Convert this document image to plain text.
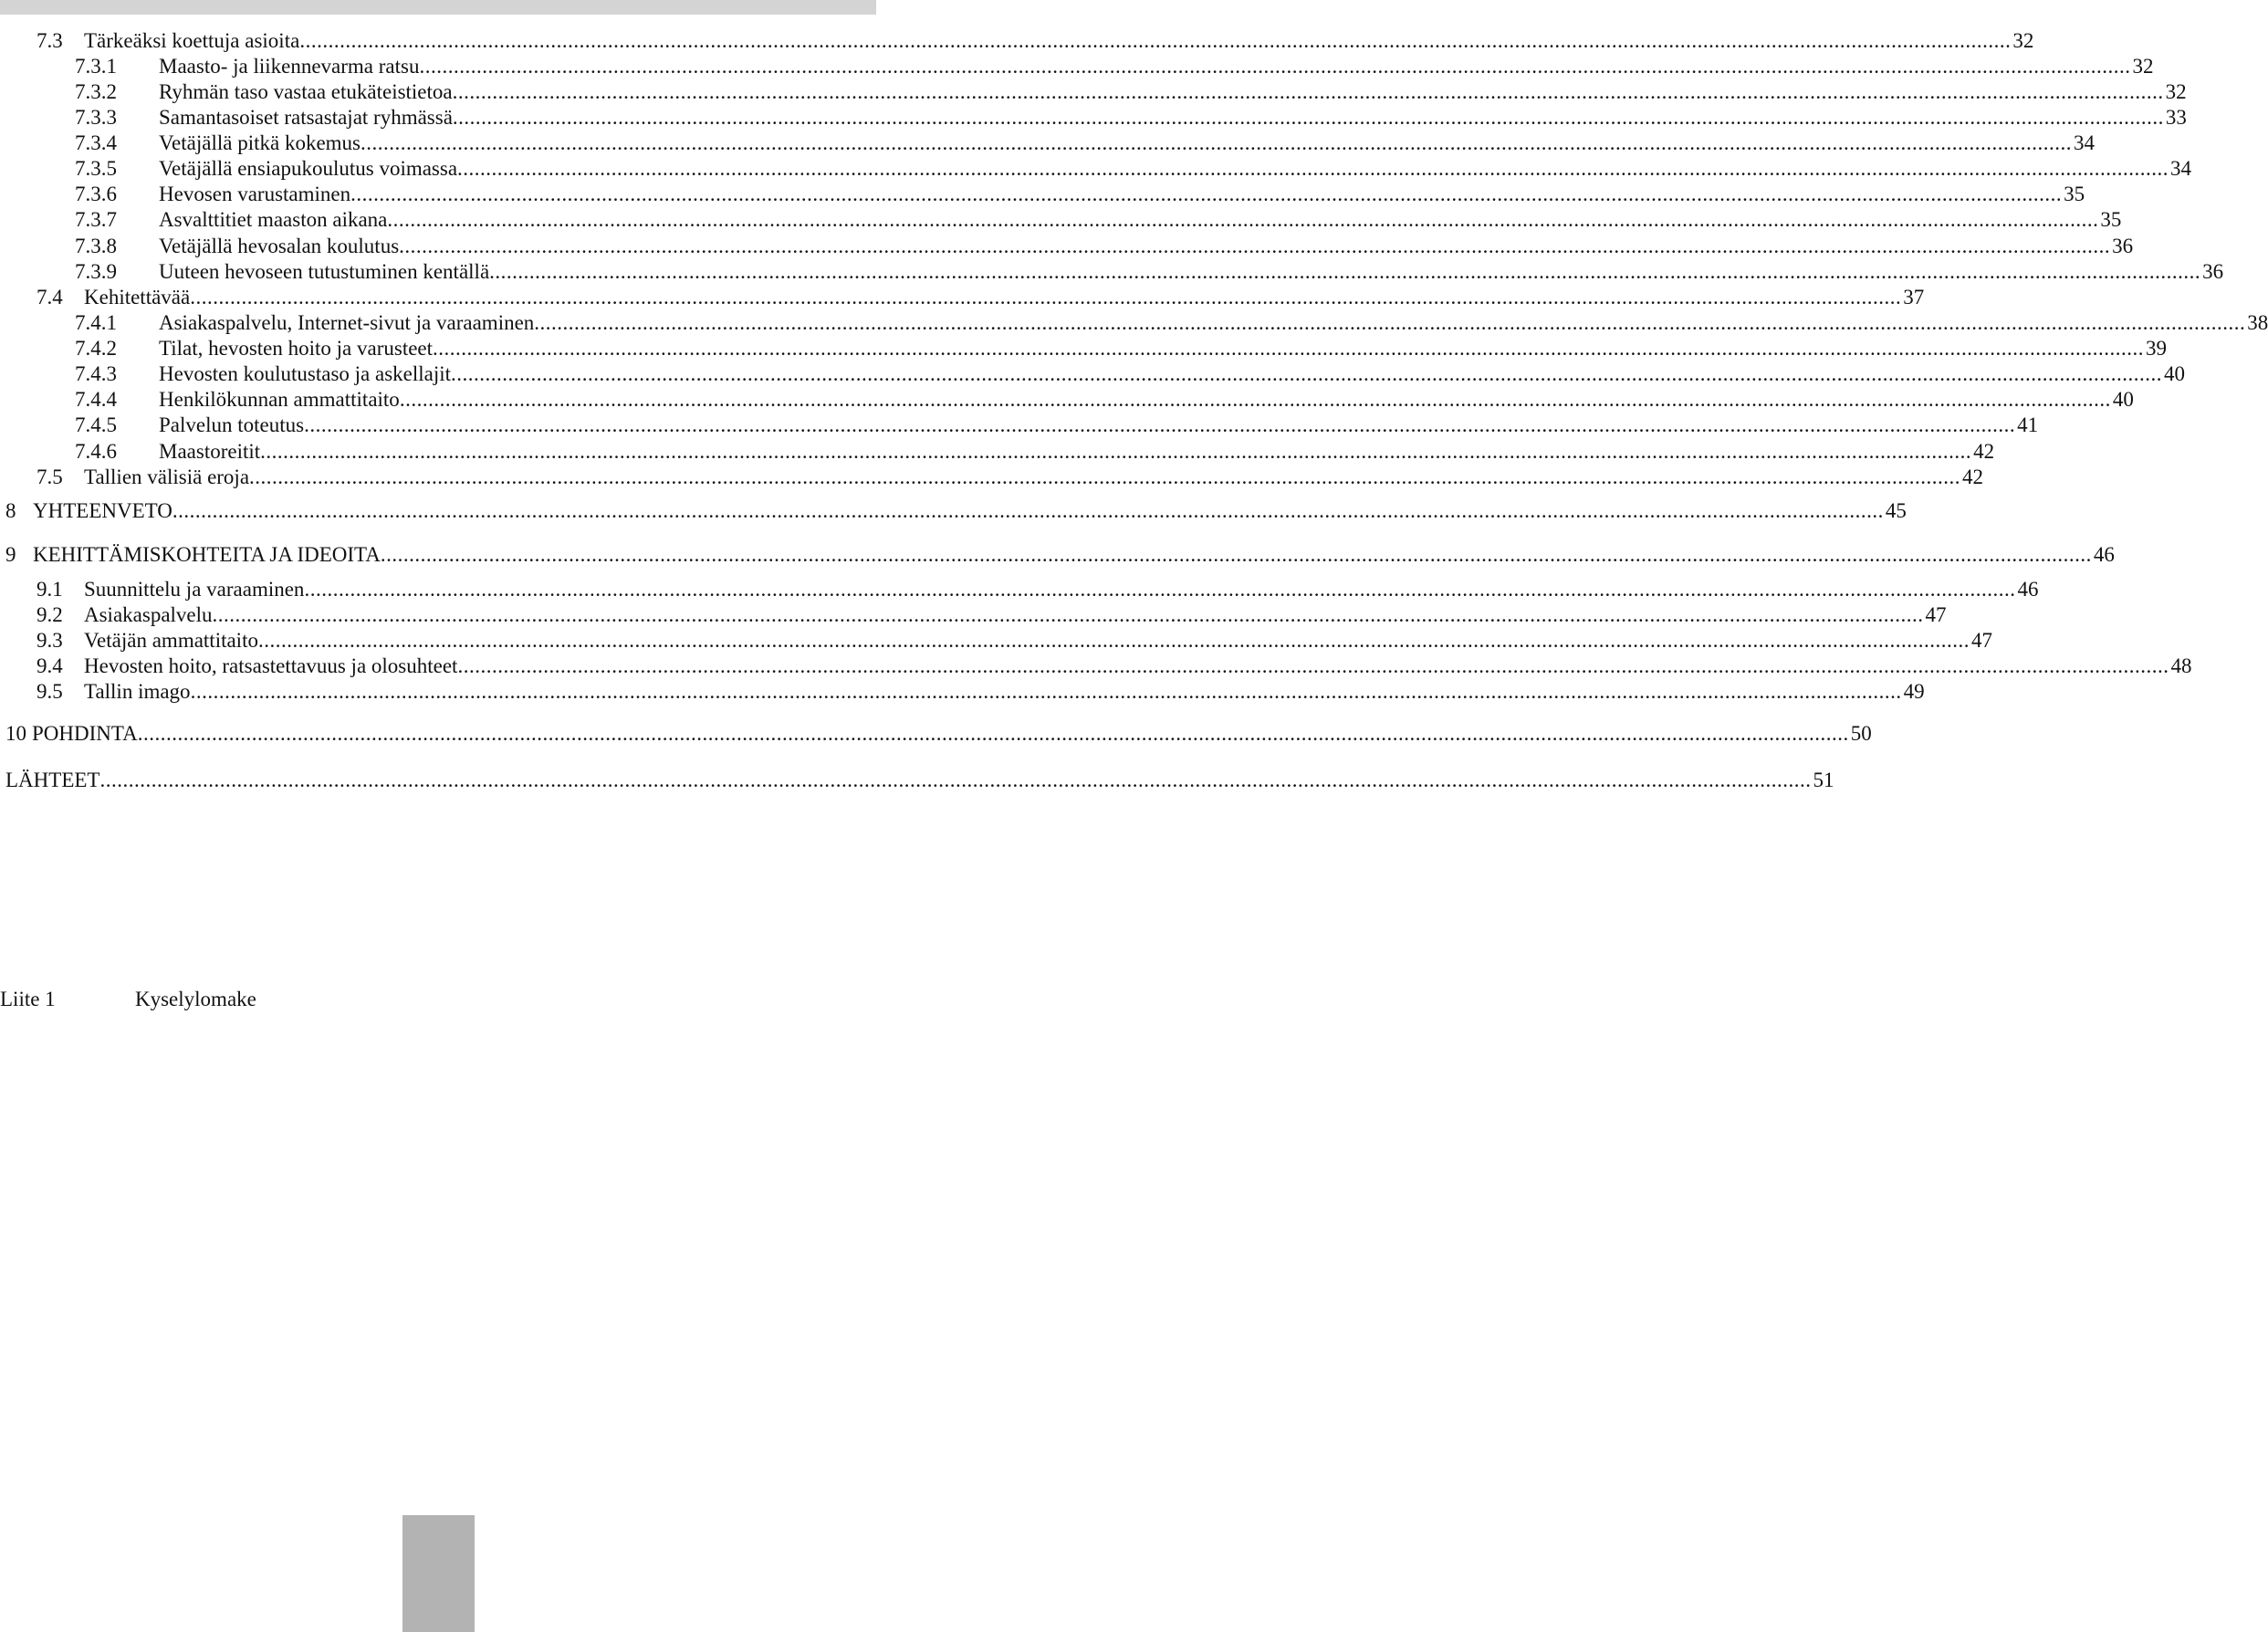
7.3	Tärkeäksi koettuja asioita ............................................................................................................................................................................................................................................................................................................ 32
7.3.1	Maasto- ja liikennevarma ratsu ............................................................................................................................................................................................................................................................................................................ 32
7.3.2	Ryhmän taso vastaa etukäteistietoa ............................................................................................................................................................................................................................................................................................................ 32
7.3.3	Samantasoiset ratsastajat ryhmässä ............................................................................................................................................................................................................................................................................................................ 33
7.3.4	Vetäjällä pitkä kokemus ............................................................................................................................................................................................................................................................................................................ 34
7.3.5	Vetäjällä ensiapukoulutus voimassa ............................................................................................................................................................................................................................................................................................................ 34
7.3.6	Hevosen varustaminen ............................................................................................................................................................................................................................................................................................................ 35
7.3.7	Asvalttitiet maaston aikana ............................................................................................................................................................................................................................................................................................................ 35
7.3.8	Vetäjällä hevosalan koulutus ............................................................................................................................................................................................................................................................................................................ 36
7.3.9	Uuteen hevoseen tutustuminen kentällä ............................................................................................................................................................................................................................................................................................................ 36
7.4	Kehitettävää ............................................................................................................................................................................................................................................................................................................ 37
7.4.1	Asiakaspalvelu, Internet-sivut ja varaaminen ............................................................................................................................................................................................................................................................................................................ 38
7.4.2	Tilat, hevosten hoito ja varusteet ............................................................................................................................................................................................................................................................................................................ 39
7.4.3	Hevosten koulutustaso ja askellajit ............................................................................................................................................................................................................................................................................................................ 40
7.4.4	Henkilökunnan ammattitaito ............................................................................................................................................................................................................................................................................................................ 40
7.4.5	Palvelun toteutus ............................................................................................................................................................................................................................................................................................................ 41
7.4.6	Maastoreitit ............................................................................................................................................................................................................................................................................................................ 42
7.5	Tallien välisiä eroja ............................................................................................................................................................................................................................................................................................................ 42
8 YHTEENVETO ............................................................................................................................................................................................................................................................................................................ 45
9 KEHITTÄMISKOHTEITA JA IDEOITA ............................................................................................................................................................................................................................................................................................................ 46
9.1	Suunnittelu ja varaaminen ............................................................................................................................................................................................................................................................................................................ 46
9.2	Asiakaspalvelu ............................................................................................................................................................................................................................................................................................................ 47
9.3	Vetäjän ammattitaito ............................................................................................................................................................................................................................................................................................................ 47
9.4	Hevosten hoito, ratsastettavuus ja olosuhteet ............................................................................................................................................................................................................................................................................................................ 48
9.5	Tallin imago ............................................................................................................................................................................................................................................................................................................ 49
10 POHDINTA ............................................................................................................................................................................................................................................................................................................ 50
LÄHTEET ............................................................................................................................................................................................................................................................................................................ 51
Liite 1	Kyselylomake
